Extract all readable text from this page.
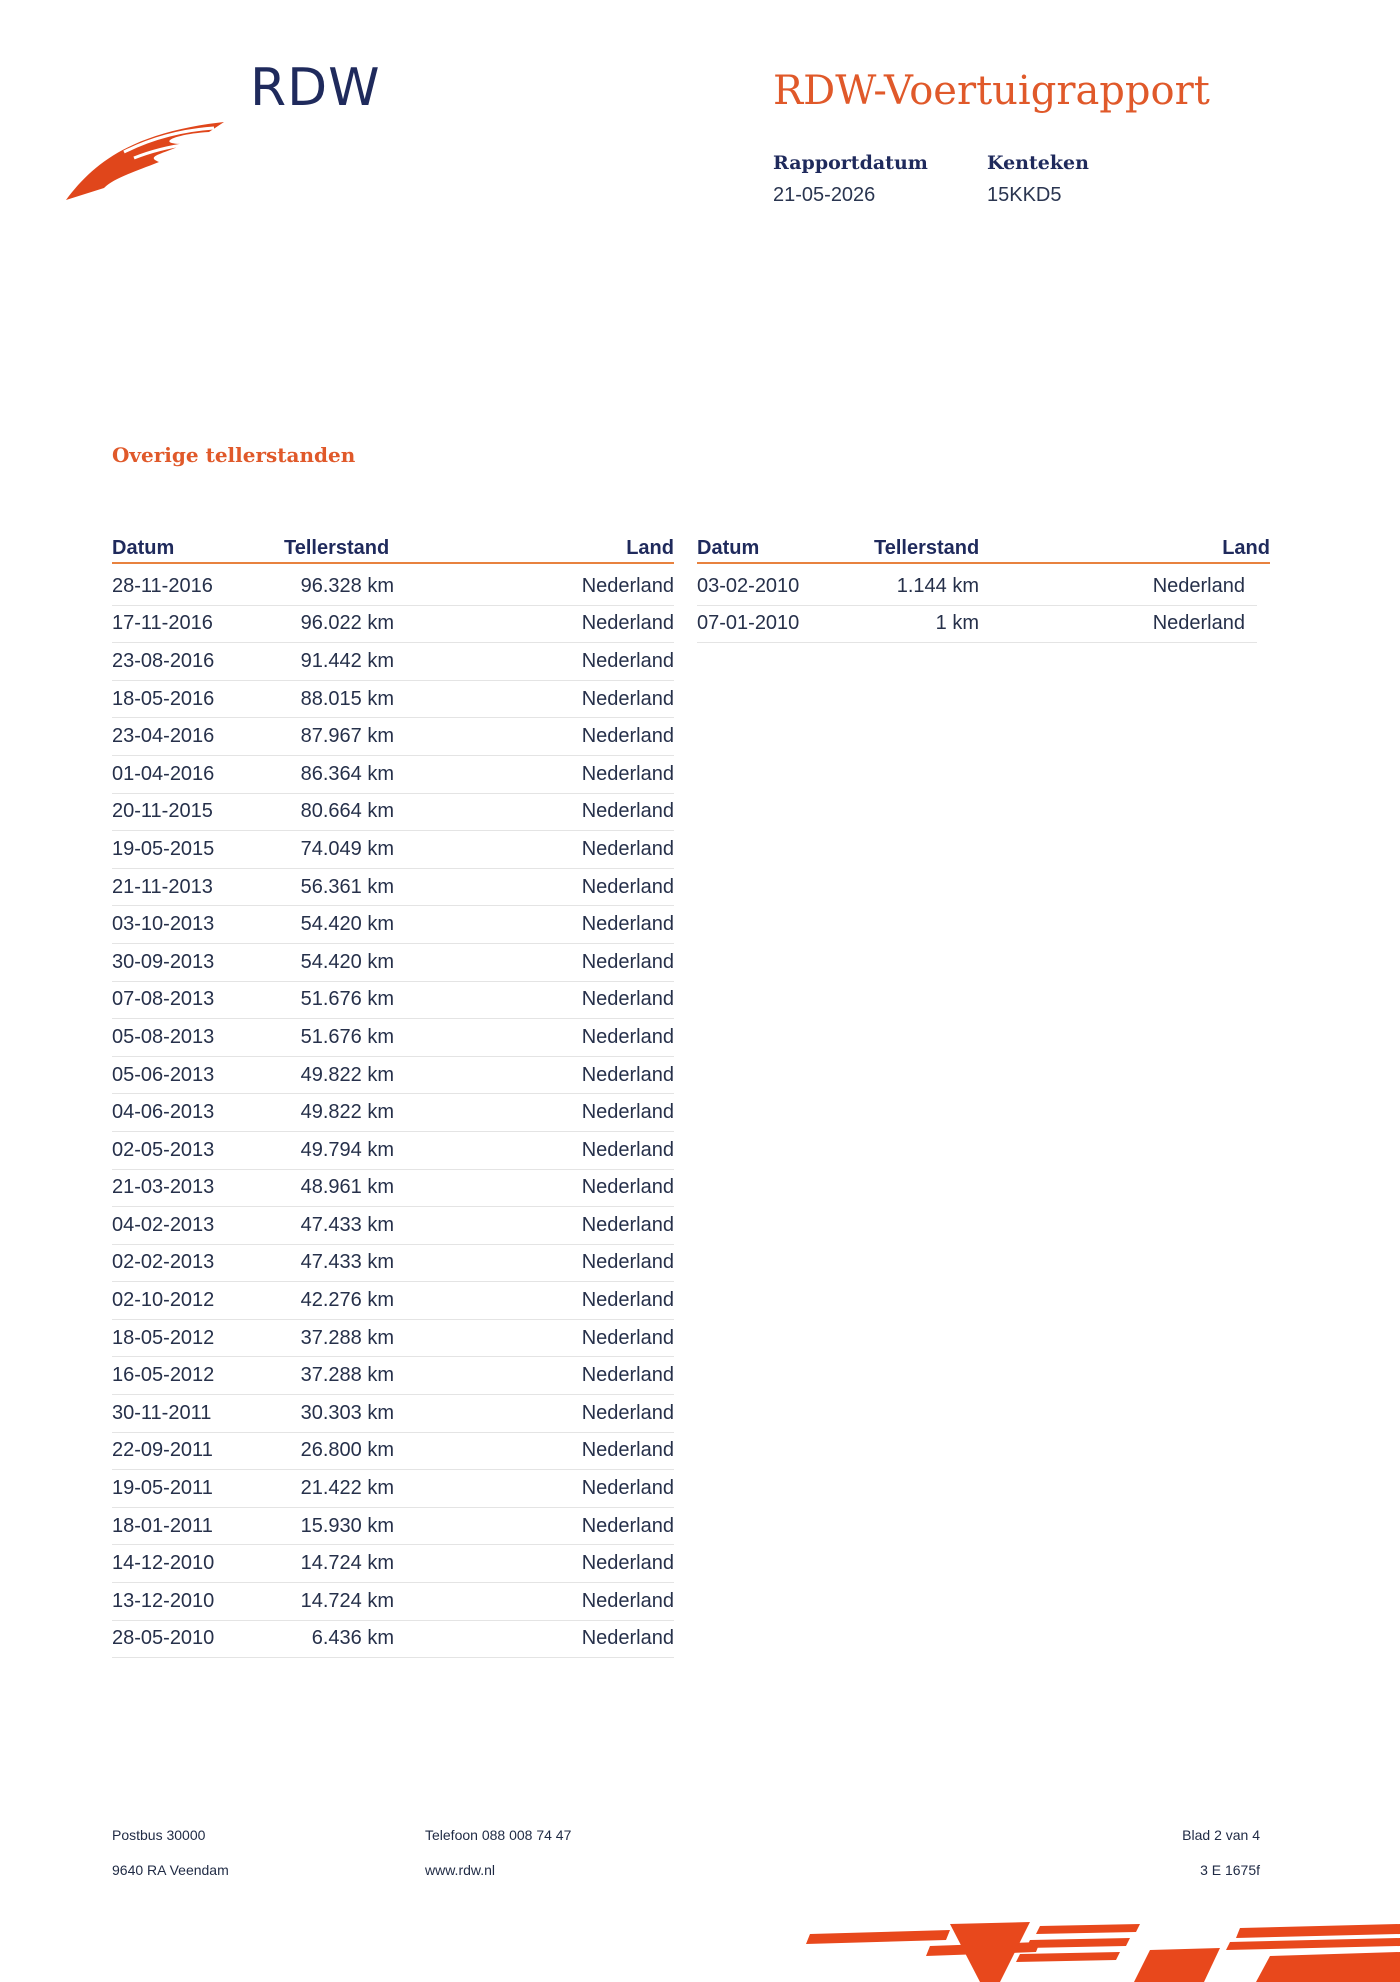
RDW	RDW-Voertuigrapport
Rapportdatum
21-05-2026
Kenteken
15KKD5
Overige tellerstanden
Datum	Tellerstand	Land
28-11-2016	96.328 km	Nederland
17-11-2016	96.022 km	Nederland
23-08-2016	91.442 km	Nederland
18-05-2016	88.015 km	Nederland
23-04-2016	87.967 km	Nederland
01-04-2016	86.364 km	Nederland
20-11-2015	80.664 km	Nederland
19-05-2015	74.049 km	Nederland
21-11-2013	56.361 km	Nederland
03-10-2013	54.420 km	Nederland
30-09-2013	54.420 km	Nederland
07-08-2013	51.676 km	Nederland
05-08-2013	51.676 km	Nederland
05-06-2013	49.822 km	Nederland
04-06-2013	49.822 km	Nederland
02-05-2013	49.794 km	Nederland
21-03-2013	48.961 km	Nederland
04-02-2013	47.433 km	Nederland
02-02-2013	47.433 km	Nederland
02-10-2012	42.276 km	Nederland
18-05-2012	37.288 km	Nederland
16-05-2012	37.288 km	Nederland
30-11-2011	30.303 km	Nederland
22-09-2011	26.800 km	Nederland
19-05-2011	21.422 km	Nederland
18-01-2011	15.930 km	Nederland
14-12-2010	14.724 km	Nederland
13-12-2010	14.724 km	Nederland
28-05-2010	6.436 km	Nederland
Datum	Tellerstand	Land
03-02-2010	1.144 km	Nederland
07-01-2010	1 km	Nederland
Postbus 30000
9640 RA Veendam
Telefoon 088 008 74 47
www.rdw.nl
Blad 2 van 4
3 E 1675f
